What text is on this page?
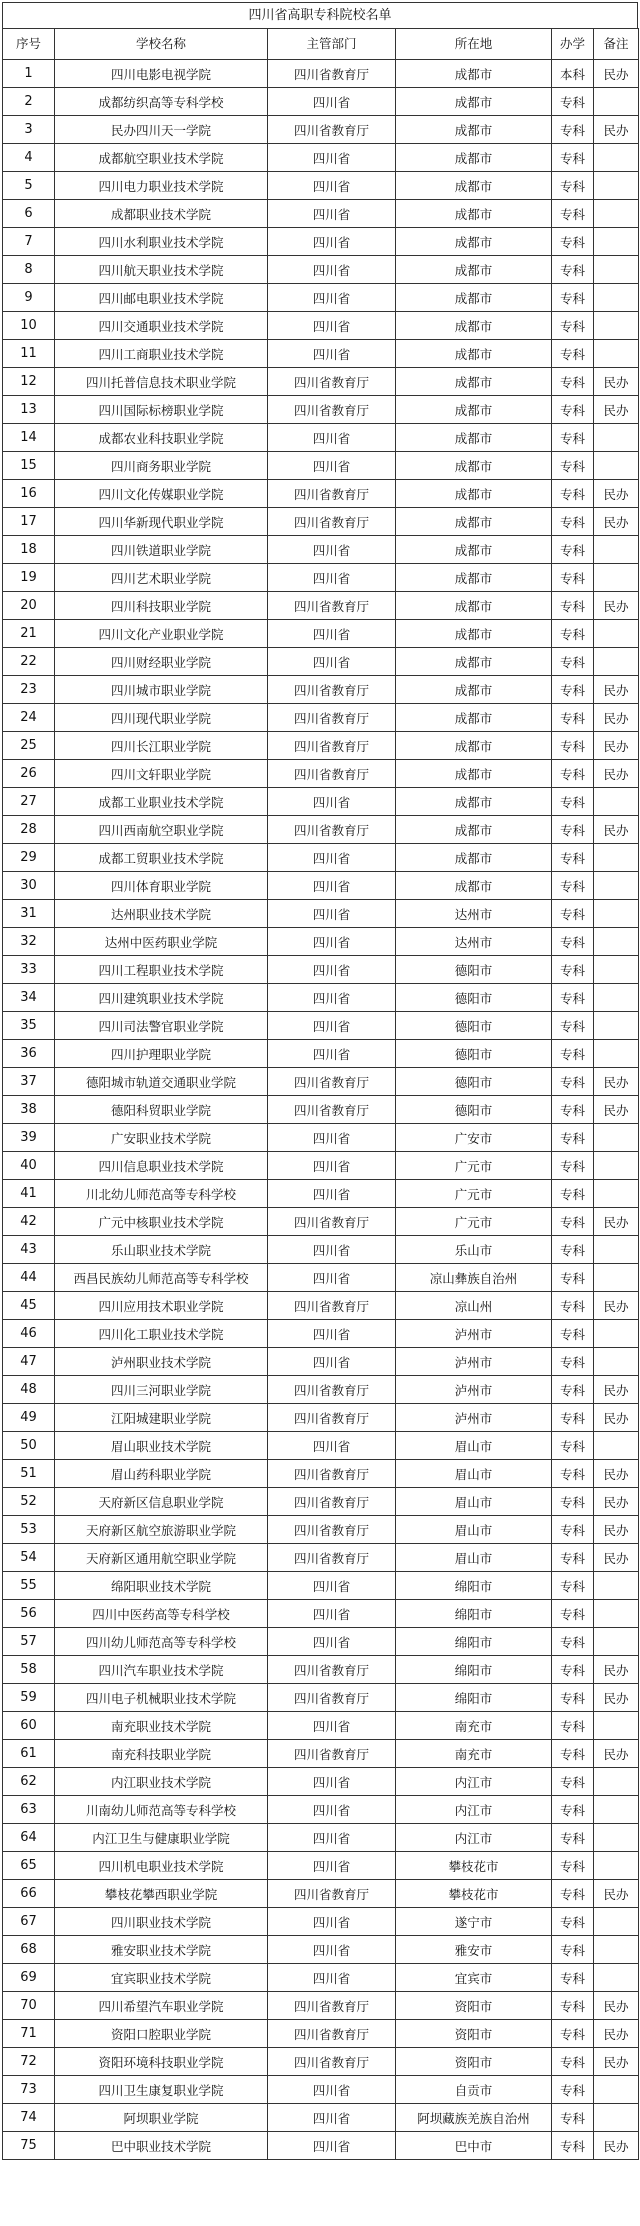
四川省高职专科院校名单
序号	学校名称	主管部门	所在地	办学	备注
1	四川电影电视学院	四川省教育厅	成都市	本科	民办
2	成都纺织高等专科学校	四川省	成都市	专科	
3	民办四川天一学院	四川省教育厅	成都市	专科	民办
4	成都航空职业技术学院	四川省	成都市	专科	
5	四川电力职业技术学院	四川省	成都市	专科	
6	成都职业技术学院	四川省	成都市	专科	
7	四川水利职业技术学院	四川省	成都市	专科	
8	四川航天职业技术学院	四川省	成都市	专科	
9	四川邮电职业技术学院	四川省	成都市	专科	
10	四川交通职业技术学院	四川省	成都市	专科	
11	四川工商职业技术学院	四川省	成都市	专科	
12	四川托普信息技术职业学院	四川省教育厅	成都市	专科	民办
13	四川国际标榜职业学院	四川省教育厅	成都市	专科	民办
14	成都农业科技职业学院	四川省	成都市	专科	
15	四川商务职业学院	四川省	成都市	专科	
16	四川文化传媒职业学院	四川省教育厅	成都市	专科	民办
17	四川华新现代职业学院	四川省教育厅	成都市	专科	民办
18	四川铁道职业学院	四川省	成都市	专科	
19	四川艺术职业学院	四川省	成都市	专科	
20	四川科技职业学院	四川省教育厅	成都市	专科	民办
21	四川文化产业职业学院	四川省	成都市	专科	
22	四川财经职业学院	四川省	成都市	专科	
23	四川城市职业学院	四川省教育厅	成都市	专科	民办
24	四川现代职业学院	四川省教育厅	成都市	专科	民办
25	四川长江职业学院	四川省教育厅	成都市	专科	民办
26	四川文轩职业学院	四川省教育厅	成都市	专科	民办
27	成都工业职业技术学院	四川省	成都市	专科	
28	四川西南航空职业学院	四川省教育厅	成都市	专科	民办
29	成都工贸职业技术学院	四川省	成都市	专科	
30	四川体育职业学院	四川省	成都市	专科	
31	达州职业技术学院	四川省	达州市	专科	
32	达州中医药职业学院	四川省	达州市	专科	
33	四川工程职业技术学院	四川省	德阳市	专科	
34	四川建筑职业技术学院	四川省	德阳市	专科	
35	四川司法警官职业学院	四川省	德阳市	专科	
36	四川护理职业学院	四川省	德阳市	专科	
37	德阳城市轨道交通职业学院	四川省教育厅	德阳市	专科	民办
38	德阳科贸职业学院	四川省教育厅	德阳市	专科	民办
39	广安职业技术学院	四川省	广安市	专科	
40	四川信息职业技术学院	四川省	广元市	专科	
41	川北幼儿师范高等专科学校	四川省	广元市	专科	
42	广元中核职业技术学院	四川省教育厅	广元市	专科	民办
43	乐山职业技术学院	四川省	乐山市	专科	
44	西昌民族幼儿师范高等专科学校	四川省	凉山彝族自治州	专科	
45	四川应用技术职业学院	四川省教育厅	凉山州	专科	民办
46	四川化工职业技术学院	四川省	泸州市	专科	
47	泸州职业技术学院	四川省	泸州市	专科	
48	四川三河职业学院	四川省教育厅	泸州市	专科	民办
49	江阳城建职业学院	四川省教育厅	泸州市	专科	民办
50	眉山职业技术学院	四川省	眉山市	专科	
51	眉山药科职业学院	四川省教育厅	眉山市	专科	民办
52	天府新区信息职业学院	四川省教育厅	眉山市	专科	民办
53	天府新区航空旅游职业学院	四川省教育厅	眉山市	专科	民办
54	天府新区通用航空职业学院	四川省教育厅	眉山市	专科	民办
55	绵阳职业技术学院	四川省	绵阳市	专科	
56	四川中医药高等专科学校	四川省	绵阳市	专科	
57	四川幼儿师范高等专科学校	四川省	绵阳市	专科	
58	四川汽车职业技术学院	四川省教育厅	绵阳市	专科	民办
59	四川电子机械职业技术学院	四川省教育厅	绵阳市	专科	民办
60	南充职业技术学院	四川省	南充市	专科	
61	南充科技职业学院	四川省教育厅	南充市	专科	民办
62	内江职业技术学院	四川省	内江市	专科	
63	川南幼儿师范高等专科学校	四川省	内江市	专科	
64	内江卫生与健康职业学院	四川省	内江市	专科	
65	四川机电职业技术学院	四川省	攀枝花市	专科	
66	攀枝花攀西职业学院	四川省教育厅	攀枝花市	专科	民办
67	四川职业技术学院	四川省	遂宁市	专科	
68	雅安职业技术学院	四川省	雅安市	专科	
69	宜宾职业技术学院	四川省	宜宾市	专科	
70	四川希望汽车职业学院	四川省教育厅	资阳市	专科	民办
71	资阳口腔职业学院	四川省教育厅	资阳市	专科	民办
72	资阳环境科技职业学院	四川省教育厅	资阳市	专科	民办
73	四川卫生康复职业学院	四川省	自贡市	专科	
74	阿坝职业学院	四川省	阿坝藏族羌族自治州	专科	
75	巴中职业技术学院	四川省	巴中市	专科	民办
